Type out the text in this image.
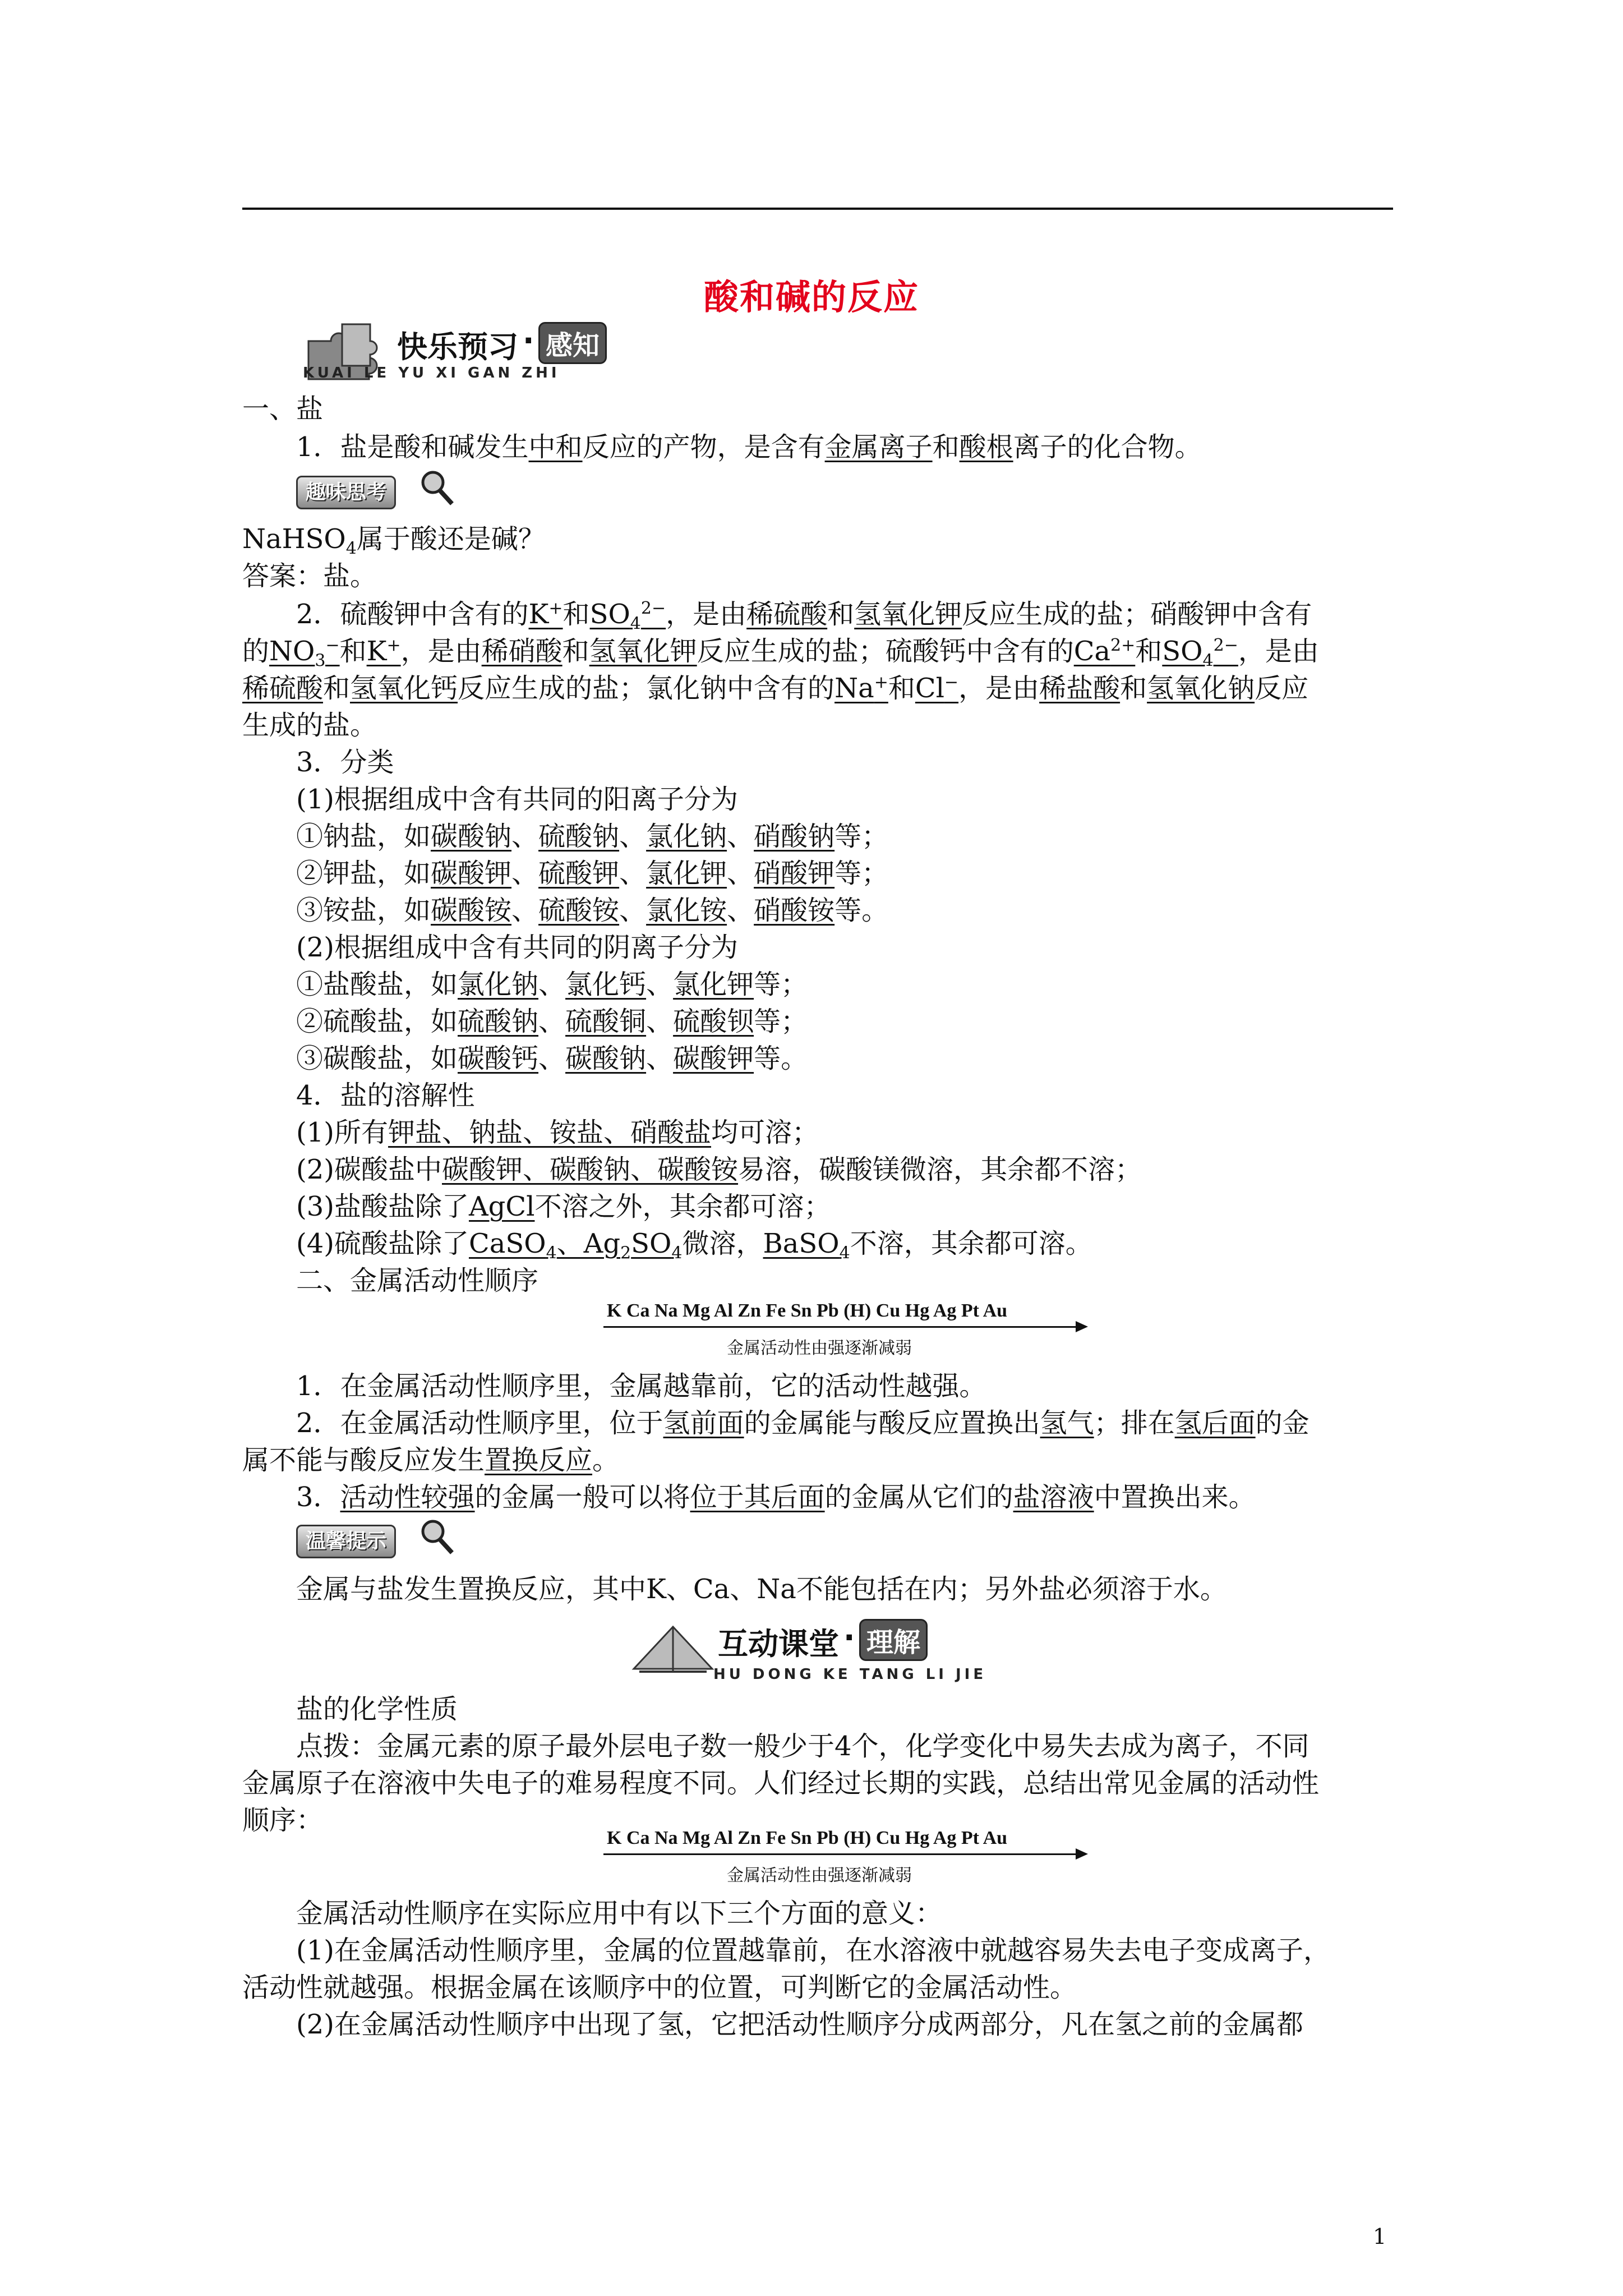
酸和碱的反应
快乐预习 · 感知
KUAI LE YU XI GAN ZHI
一、盐
1．盐是酸和碱发生中和反应的产物，是含有金属离子和酸根离子的化合物。
趣味思考
NaHSO$_4$属于酸还是碱？
答案：盐。
2．硫酸钾中含有的K+和$SO_4^{2-}$，是由稀硫酸和氢氧化钾反应生成的盐；硝酸钾中含有
的$NO_3^-$和K+，是由稀硝酸和氢氧化钾反应生成的盐；硫酸钙中含有的$Ca^{2+}$和$SO_4^{2-}$，是由
稀硫酸和氢氧化钙反应生成的盐；氯化钠中含有的Na+和Cl−，是由稀盐酸和氢氧化钠反应
生成的盐。
3．分类
(1)根据组成中含有共同的阳离子分为
①钠盐，如碳酸钠、硫酸钠、氯化钠、硝酸钠等；
②钾盐，如碳酸钾、硫酸钾、氯化钾、硝酸钾等；
③铵盐，如碳酸铵、硫酸铵、氯化铵、硝酸铵等。
(2)根据组成中含有共同的阴离子分为
①盐酸盐，如氯化钠、氯化钙、氯化钾等；
②硫酸盐，如硫酸钠、硫酸铜、硫酸钡等；
③碳酸盐，如碳酸钙、碳酸钠、碳酸钾等。
4．盐的溶解性
(1)所有钾盐、钠盐、铵盐、硝酸盐均可溶；
(2)碳酸盐中碳酸钾、碳酸钠、碳酸铵易溶，碳酸镁微溶，其余都不溶；
(3)盐酸盐除了AgCl不溶之外，其余都可溶；
(4)硫酸盐除了CaSO$_4$、$Ag_2SO_4$微溶，BaSO$_4$不溶，其余都可溶。
二、金属活动性顺序
K Ca Na Mg Al Zn Fe Sn Pb (H) Cu Hg Ag Pt Au
金属活动性由强逐渐减弱
1．在金属活动性顺序里，金属越靠前，它的活动性越强。
2．在金属活动性顺序里，位于氢前面的金属能与酸反应置换出氢气；排在氢后面的金
属不能与酸反应发生置换反应。
3．活动性较强的金属一般可以将位于其后面的金属从它们的盐溶液中置换出来。
温馨提示
金属与盐发生置换反应，其中K、Ca、Na不能包括在内；另外盐必须溶于水。
互动课堂 · 理解
HU DONG KE TANG LI JIE
盐的化学性质
点拨：金属元素的原子最外层电子数一般少于4个，化学变化中易失去成为离子，不同
金属原子在溶液中失电子的难易程度不同。人们经过长期的实践，总结出常见金属的活动性
顺序：
K Ca Na Mg Al Zn Fe Sn Pb (H) Cu Hg Ag Pt Au
金属活动性由强逐渐减弱
金属活动性顺序在实际应用中有以下三个方面的意义：
(1)在金属活动性顺序里，金属的位置越靠前，在水溶液中就越容易失去电子变成离子，
活动性就越强。根据金属在该顺序中的位置，可判断它的金属活动性。
(2)在金属活动性顺序中出现了氢，它把活动性顺序分成两部分，凡在氢之前的金属都
1
